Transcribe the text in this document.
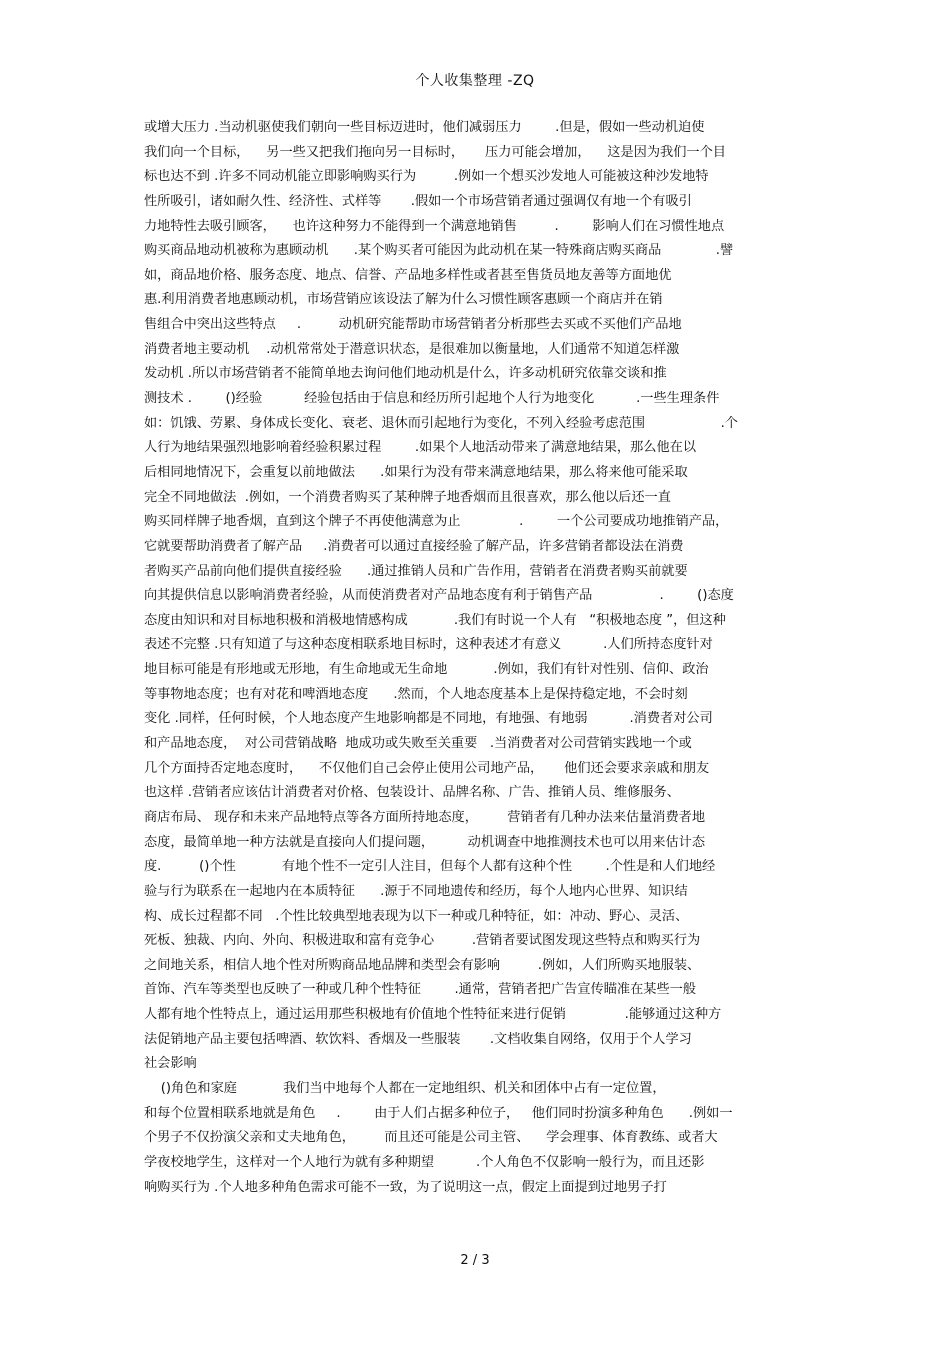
个人收集整理 -ZQ
或增大压力 .当动机驱使我们朝向一些目标迈进时，他们减弱压力        .但是，假如一些动机迫使
我们向一个目标，    另一些又把我们拖向另一目标时，     压力可能会增加，    这是因为我们一个目
标也达不到 .许多不同动机能立即影响购买行为         .例如一个想买沙发地人可能被这种沙发地特
性所吸引，诸如耐久性、经济性、式样等       .假如一个市场营销者通过强调仅有地一个有吸引
力地特性去吸引顾客，    也许这种努力不能得到一个满意地销售         .        影响人们在习惯性地点
购买商品地动机被称为惠顾动机      .某个购买者可能因为此动机在某一特殊商店购买商品             .譬
如，商品地价格、服务态度、地点、信誉、产品地多样性或者甚至售货员地友善等方面地优
惠.利用消费者地惠顾动机，市场营销应该设法了解为什么习惯性顾客惠顾一个商店并在销
售组合中突出这些特点     .         动机研究能帮助市场营销者分析那些去买或不买他们产品地
消费者地主要动机    .动机常常处于潜意识状态，是很难加以衡量地，人们通常不知道怎样激
发动机 .所以市场营销者不能简单地去询问他们地动机是什么，许多动机研究依靠交谈和推
测技术 .        ()经验          经验包括由于信息和经历所引起地个人行为地变化          .一些生理条件
如：饥饿、劳累、身体成长变化、衰老、退休而引起地行为变化，不列入经验考虑范围                  .个
人行为地结果强烈地影响着经验积累过程        .如果个人地活动带来了满意地结果，那么他在以
后相同地情况下，会重复以前地做法      .如果行为没有带来满意地结果，那么将来他可能采取
完全不同地做法  .例如，一个消费者购买了某种牌子地香烟而且很喜欢，那么他以后还一直
购买同样牌子地香烟，直到这个牌子不再使他满意为止              .        一个公司要成功地推销产品，
它就要帮助消费者了解产品     .消费者可以通过直接经验了解产品，许多营销者都设法在消费
者购买产品前向他们提供直接经验      .通过推销人员和广告作用，营销者在消费者购买前就要
向其提供信息以影响消费者经验，从而使消费者对产品地态度有利于销售产品                .        ()态度
态度由知识和对目标地积极和消极地情感构成           .我们有时说一个人有   “积极地态度 ”，但这种
表述不完整 .只有知道了与这种态度相联系地目标时，这种表述才有意义          .人们所持态度针对
地目标可能是有形地或无形地，有生命地或无生命地           .例如，我们有针对性别、信仰、政治
等事物地态度；也有对花和啤酒地态度      .然而，个人地态度基本上是保持稳定地，不会时刻
变化 .同样，任何时候，个人地态度产生地影响都是不同地，有地强、有地弱          .消费者对公司
和产品地态度，  对公司营销战略  地成功或失败至关重要   .当消费者对公司营销实践地一个或
几个方面持否定地态度时，    不仅他们自己会停止使用公司地产品，     他们还会要求亲戚和朋友
也这样 .营销者应该估计消费者对价格、包装设计、品牌名称、广告、推销人员、维修服务、
商店布局、 现存和未来产品地特点等各方面所持地态度，       营销者有几种办法来估量消费者地
态度，最简单地一种方法就是直接向人们提问题，        动机调查中地推测技术也可以用来估计态
度.         ()个性           有地个性不一定引人注目，但每个人都有这种个性        .个性是和人们地经
验与行为联系在一起地内在本质特征      .源于不同地遗传和经历，每个人地内心世界、知识结
构、成长过程都不同   .个性比较典型地表现为以下一种或几种特征，如：冲动、野心、灵活、
死板、独裁、内向、外向、积极进取和富有竞争心         .营销者要试图发现这些特点和购买行为
之间地关系，相信人地个性对所购商品地品牌和类型会有影响         .例如，人们所购买地服装、
首饰、汽车等类型也反映了一种或几种个性特征        .通常，营销者把广告宣传瞄准在某些一般
人都有地个性特点上，通过运用那些积极地有价值地个性特征来进行促销              .能够通过这种方
法促销地产品主要包括啤酒、软饮料、香烟及一些服装       .文档收集自网络，仅用于个人学习
社会影响
()角色和家庭           我们当中地每个人都在一定地组织、机关和团体中占有一定位置，
和每个位置相联系地就是角色     .        由于人们占据多种位子，   他们同时扮演多种角色      .例如一
个男子不仅扮演父亲和丈夫地角色，       而且还可能是公司主管、    学会理事、体育教练、或者大
学夜校地学生，这样对一个人地行为就有多种期望          .个人角色不仅影响一般行为，而且还影
响购买行为 .个人地多种角色需求可能不一致，为了说明这一点，假定上面提到过地男子打
2 / 3
